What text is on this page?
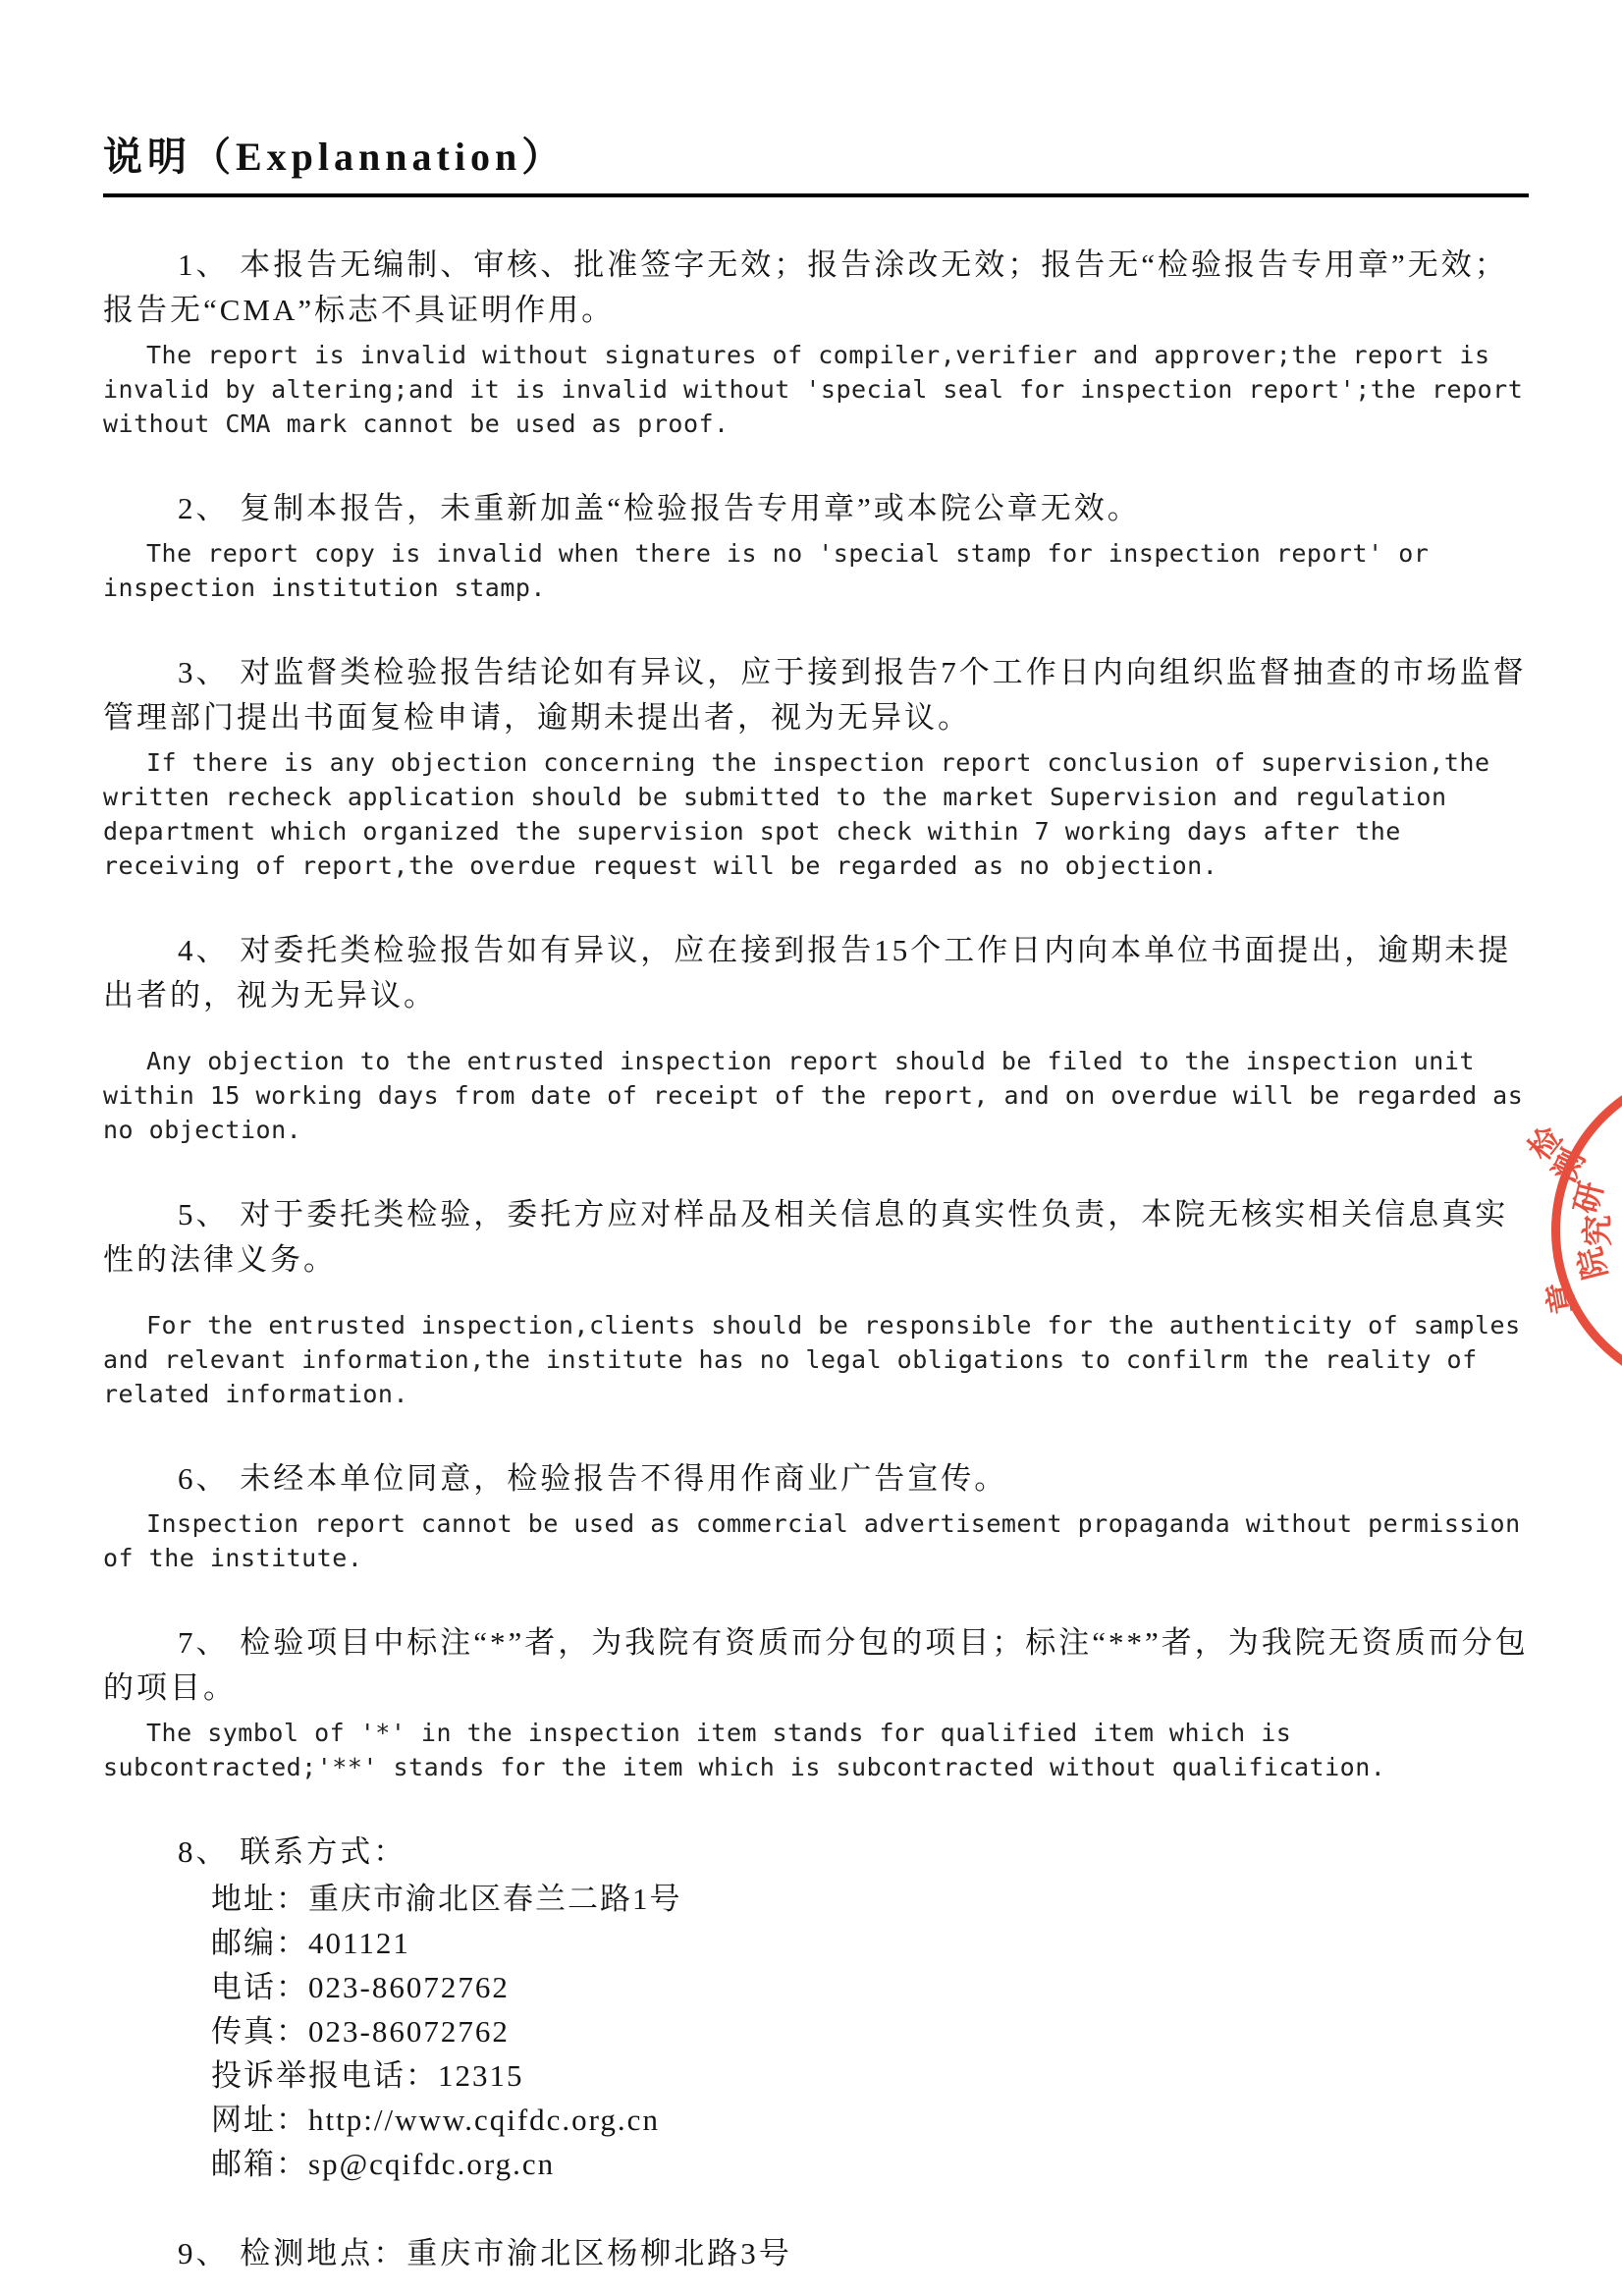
说明（Explannation）

1、 本报告无编制、审核、批准签字无效；报告涂改无效；报告无“检验报告专用章”无效；报告无“CMA”标志不具证明作用。

The report is invalid without signatures of compiler,verifier and approver;the report is invalid by altering;and it is invalid without 'special seal for inspection report';the report without CMA mark cannot be used as proof.

2、 复制本报告，未重新加盖“检验报告专用章”或本院公章无效。

The report copy is invalid when there is no 'special stamp for inspection report' or inspection institution stamp.

3、 对监督类检验报告结论如有异议，应于接到报告7个工作日内向组织监督抽查的市场监督管理部门提出书面复检申请，逾期未提出者，视为无异议。

If there is any objection concerning the inspection report conclusion of supervision,the written recheck application should be submitted to the market Supervision and regulation department which organized the supervision spot check within 7 working days after the receiving of report,the overdue request will be regarded as no objection.

4、 对委托类检验报告如有异议，应在接到报告15个工作日内向本单位书面提出，逾期未提出者的，视为无异议。

Any objection to the entrusted inspection report should be filed to the inspection unit within 15 working days from date of receipt of the report, and on overdue will be regarded as no objection.

5、 对于委托类检验，委托方应对样品及相关信息的真实性负责，本院无核实相关信息真实性的法律义务。

For the entrusted inspection,clients should be responsible for the authenticity of samples and relevant information,the institute has no legal obligations to confilrm the reality of related information.

6、 未经本单位同意，检验报告不得用作商业广告宣传。

Inspection report cannot be used as commercial advertisement propaganda without permission of the institute.

7、 检验项目中标注“*”者，为我院有资质而分包的项目；标注“**”者，为我院无资质而分包的项目。

The symbol of '*' in the inspection item stands for qualified item which is subcontracted;'**' stands for the item which is subcontracted without qualification.

8、 联系方式：

地址：重庆市渝北区春兰二路1号

邮编：401121

电话：023-86072762

传真：023-86072762

投诉举报电话：12315

网址：http://www.cqifdc.org.cn

邮箱：sp@cqifdc.org.cn

9、 检测地点：重庆市渝北区杨柳北路3号

检
测
研
究
院
章
